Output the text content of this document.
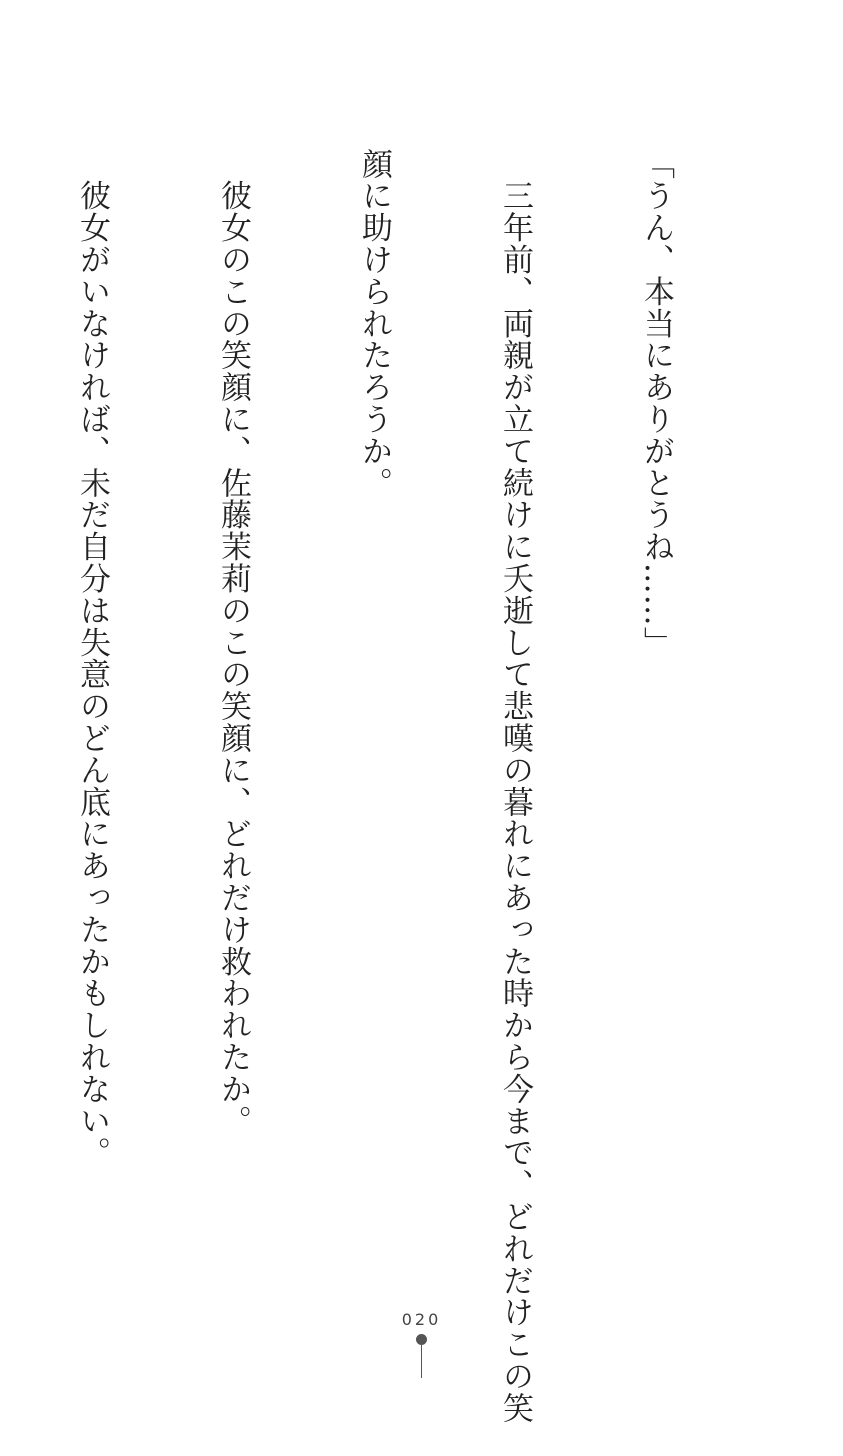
「うん、本当にありがとうね……」

　三年前、両親が立て続けに夭逝して悲嘆の暮れにあった時から今まで、どれだけこの笑

顔に助けられたろうか。

　彼女のこの笑顔に、佐藤茉莉のこの笑顔に、どれだけ救われたか。

　彼女がいなければ、未だ自分は失意のどん底にあったかもしれない。

020
